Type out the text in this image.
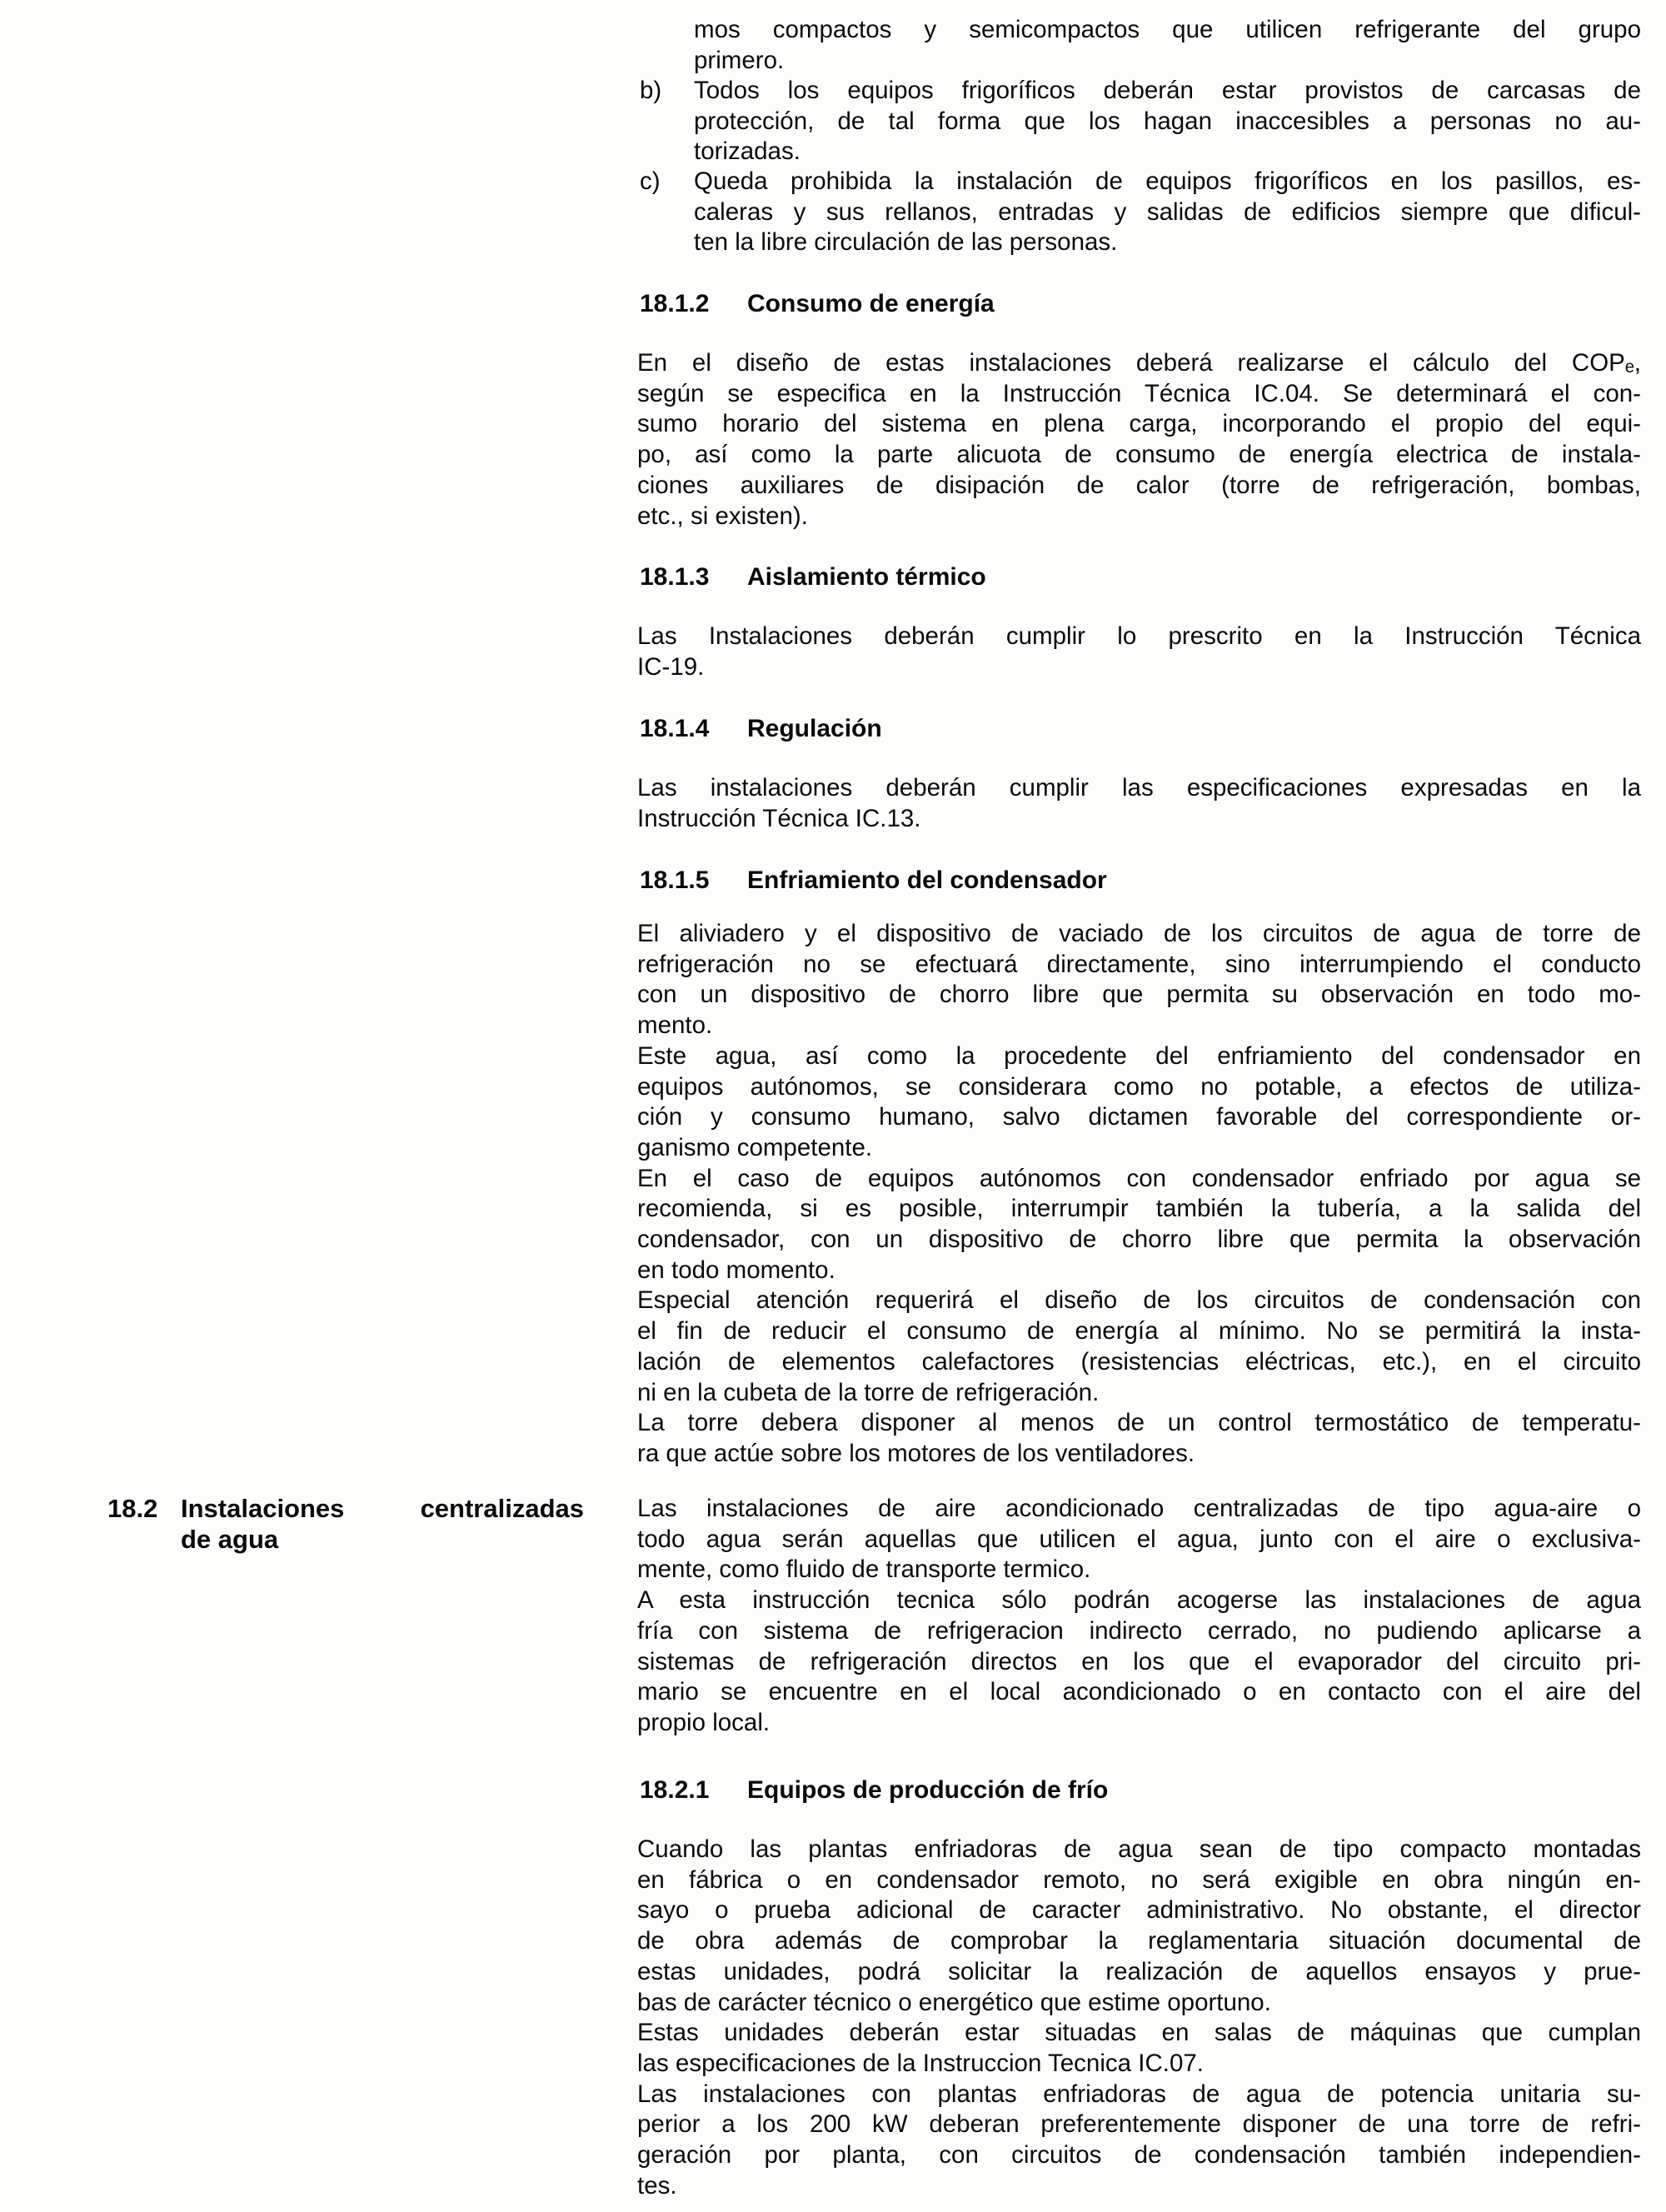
18.2 Instalaciones	centralizadas
de agua
mos compactos y semicompactos que utilicen refrigerante del grupo
primero.
b) Todos los equipos frigoríficos deberán estar provistos de carcasas de
protección, de tal forma que los hagan inaccesibles a personas no au-
torizadas.
c) Queda prohibida la instalación de equipos frigoríficos en los pasillos, es-
caleras y sus rellanos, entradas y salidas de edificios siempre que dificul-
ten la libre circulación de las personas.
18.1.2 Consumo de energía
En el diseño de estas instalaciones deberá realizarse el cálculo del COPₑ,
según se especifica en la Instrucción Técnica IC.04. Se determinará el con-
sumo horario del sistema en plena carga, incorporando el propio del equi-
po, así como la parte alicuota de consumo de energía electrica de instala-
ciones auxiliares de disipación de calor (torre de refrigeración, bombas,
etc., si existen).
18.1.3 Aislamiento térmico
Las Instalaciones deberán cumplir lo prescrito en la Instrucción Técnica
IC-19.
18.1.4 Regulación
Las instalaciones deberán cumplir las especificaciones expresadas en la
Instrucción Técnica IC.13.
18.1.5 Enfriamiento del condensador
El aliviadero y el dispositivo de vaciado de los circuitos de agua de torre de
refrigeración no se efectuará directamente, sino interrumpiendo el conducto
con un dispositivo de chorro libre que permita su observación en todo mo-
mento.
Este agua, así como la procedente del enfriamiento del condensador en
equipos autónomos, se considerara como no potable, a efectos de utiliza-
ción y consumo humano, salvo dictamen favorable del correspondiente or-
ganismo competente.
En el caso de equipos autónomos con condensador enfriado por agua se
recomienda, si es posible, interrumpir también la tubería, a la salida del
condensador, con un dispositivo de chorro libre que permita la observación
en todo momento.
Especial atención requerirá el diseño de los circuitos de condensación con
el fin de reducir el consumo de energía al mínimo. No se permitirá la insta-
lación de elementos calefactores (resistencias eléctricas, etc.), en el circuito
ni en la cubeta de la torre de refrigeración.
La torre debera disponer al menos de un control termostático de temperatu-
ra que actúe sobre los motores de los ventiladores.
Las instalaciones de aire acondicionado centralizadas de tipo agua-aire o
todo agua serán aquellas que utilicen el agua, junto con el aire o exclusiva-
mente, como fluido de transporte termico.
A esta instrucción tecnica sólo podrán acogerse las instalaciones de agua
fría con sistema de refrigeracion indirecto cerrado, no pudiendo aplicarse a
sistemas de refrigeración directos en los que el evaporador del circuito pri-
mario se encuentre en el local acondicionado o en contacto con el aire del
propio local.
18.2.1 Equipos de producción de frío
Cuando las plantas enfriadoras de agua sean de tipo compacto montadas
en fábrica o en condensador remoto, no será exigible en obra ningún en-
sayo o prueba adicional de caracter administrativo. No obstante, el director
de obra además de comprobar la reglamentaria situación documental de
estas unidades, podrá solicitar la realización de aquellos ensayos y prue-
bas de carácter técnico o energético que estime oportuno.
Estas unidades deberán estar situadas en salas de máquinas que cumplan
las especificaciones de la Instruccion Tecnica IC.07.
Las instalaciones con plantas enfriadoras de agua de potencia unitaria su-
perior a los 200 kW deberan preferentemente disponer de una torre de refri-
geración por planta, con circuitos de condensación también independien-
tes.
